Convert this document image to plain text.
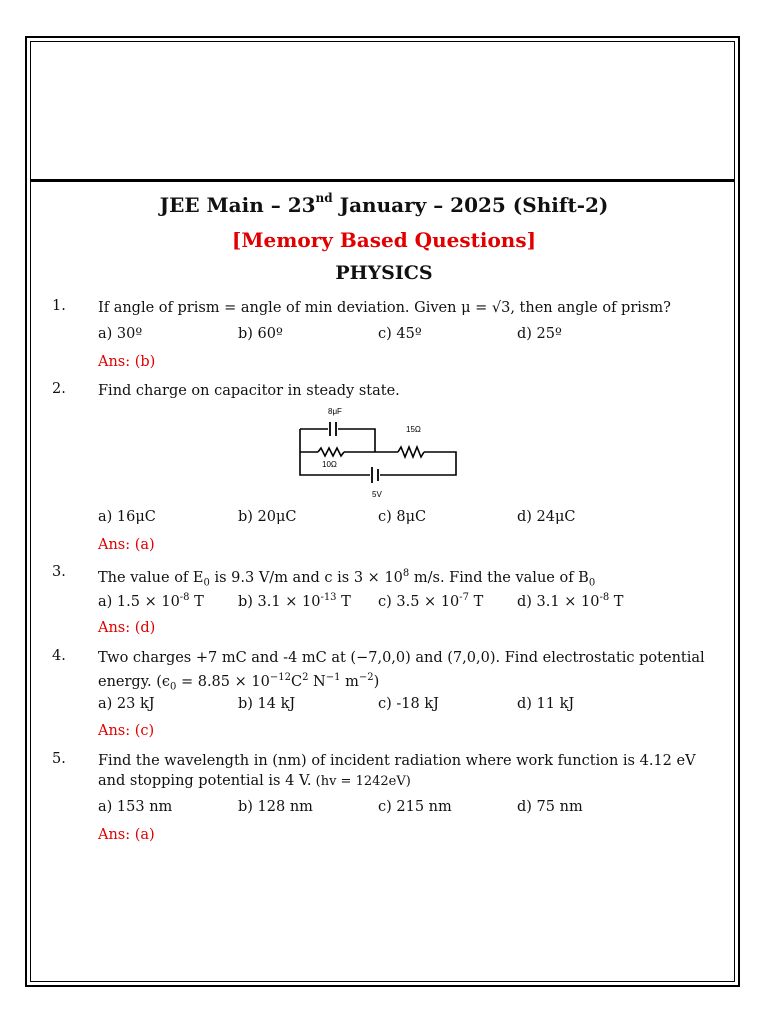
JEE Main – 23nd January – 2025 (Shift-2)
[Memory Based Questions]
PHYSICS
1. If angle of prism = angle of min deviation. Given μ = √3, then angle of prism?
a) 30º	b) 60º	c) 45º	d) 25º
Ans: (b)
2. Find charge on capacitor in steady state.
8μF
15Ω
10Ω
5V
a) 16μC	b) 20μC	c) 8μC	d) 24μC
Ans: (a)
3. The value of $E_0$ is 9.3 V/m and c is $3 \times 10^8$ m/s. Find the value of $B_0$
a) $1.5 \times 10^{-8}$ T b) $3.1 \times 10^{-13}$ T c) $3.5 \times 10^{-7}$ T d) $3.1 \times 10^{-8}$ T
Ans: (d)
4. Two charges +7 mC and -4 mC at (−7,0,0) and (7,0,0). Find electrostatic potential
energy. ($\epsilon_0 = 8.85 \times 10^{-12}C^2$ $N^{-1}$ $m^{-2}$)
a) 23 kJ	b) 14 kJ	c) -18 kJ	d) 11 kJ
Ans: (c)
5. Find the wavelength in (nm) of incident radiation where work function is 4.12 eV
and stopping potential is 4 V. (hv = 1242eV)
a) 153 nm	b) 128 nm	c) 215 nm	d) 75 nm
Ans: (a)
